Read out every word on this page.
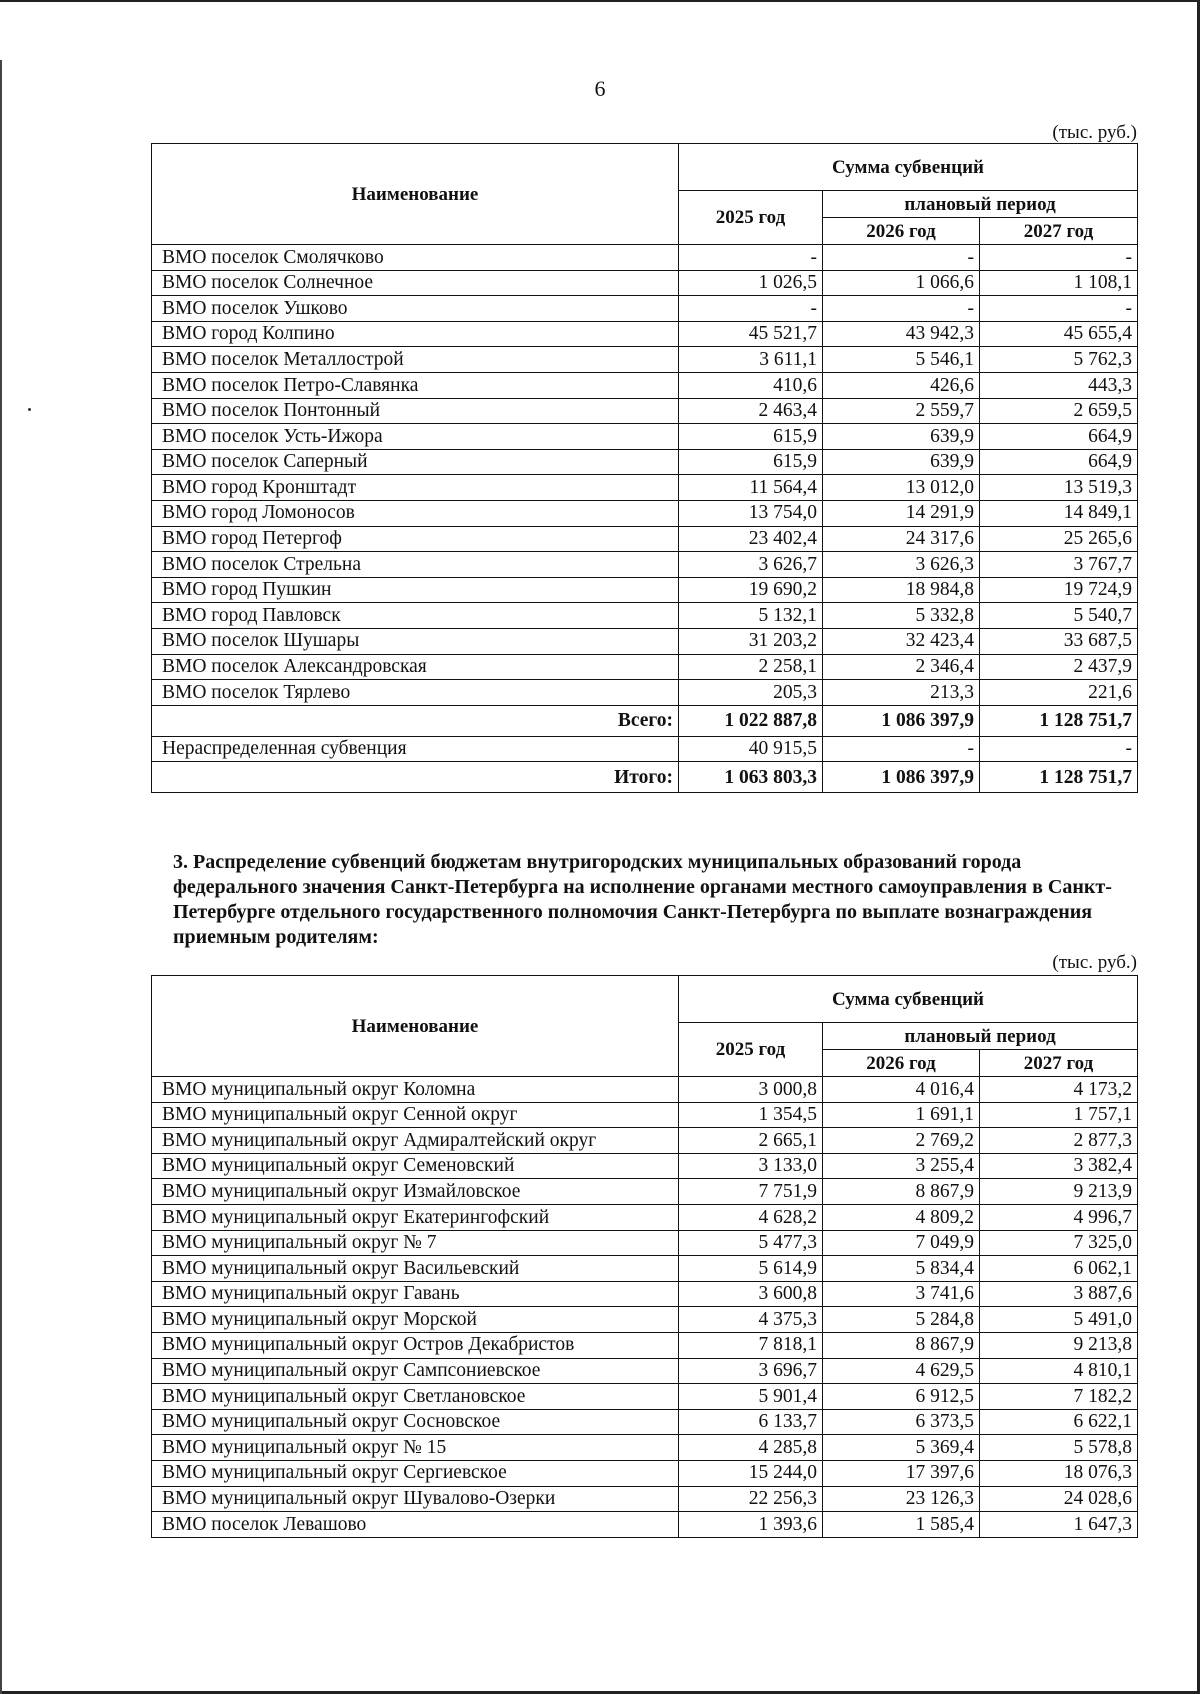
6
(тыс. руб.)
Наименование	Сумма субвенций		
	2025 год	плановый период	
		2026 год	2027 год
ВМО поселок Смолячково	-	-	-
ВМО поселок Солнечное	1 026,5	1 066,6	1 108,1
ВМО поселок Ушково	-	-	-
ВМО город Колпино	45 521,7	43 942,3	45 655,4
ВМО поселок Металлострой	3 611,1	5 546,1	5 762,3
ВМО поселок Петро-Славянка	410,6	426,6	443,3
ВМО поселок Понтонный	2 463,4	2 559,7	2 659,5
ВМО поселок Усть-Ижора	615,9	639,9	664,9
ВМО поселок Саперный	615,9	639,9	664,9
ВМО город Кронштадт	11 564,4	13 012,0	13 519,3
ВМО город Ломоносов	13 754,0	14 291,9	14 849,1
ВМО город Петергоф	23 402,4	24 317,6	25 265,6
ВМО поселок Стрельна	3 626,7	3 626,3	3 767,7
ВМО город Пушкин	19 690,2	18 984,8	19 724,9
ВМО город Павловск	5 132,1	5 332,8	5 540,7
ВМО поселок Шушары	31 203,2	32 423,4	33 687,5
ВМО поселок Александровская	2 258,1	2 346,4	2 437,9
ВМО поселок Тярлево	205,3	213,3	221,6
Всего:	1 022 887,8	1 086 397,9	1 128 751,7
Нераспределенная субвенция	40 915,5	-	-
Итого:	1 063 803,3	1 086 397,9	1 128 751,7
3. Распределение субвенций бюджетам внутригородских муниципальных образований города федерального значения Санкт-Петербурга на исполнение органами местного самоуправления в Санкт-Петербурге отдельного государственного полномочия Санкт-Петербурга по выплате вознаграждения приемным родителям:
(тыс. руб.)
Наименование	Сумма субвенций		
	2025 год	плановый период	
		2026 год	2027 год
ВМО муниципальный округ Коломна	3 000,8	4 016,4	4 173,2
ВМО муниципальный округ Сенной округ	1 354,5	1 691,1	1 757,1
ВМО муниципальный округ Адмиралтейский округ	2 665,1	2 769,2	2 877,3
ВМО муниципальный округ Семеновский	3 133,0	3 255,4	3 382,4
ВМО муниципальный округ Измайловское	7 751,9	8 867,9	9 213,9
ВМО муниципальный округ Екатерингофский	4 628,2	4 809,2	4 996,7
ВМО муниципальный округ № 7	5 477,3	7 049,9	7 325,0
ВМО муниципальный округ Васильевский	5 614,9	5 834,4	6 062,1
ВМО муниципальный округ Гавань	3 600,8	3 741,6	3 887,6
ВМО муниципальный округ Морской	4 375,3	5 284,8	5 491,0
ВМО муниципальный округ Остров Декабристов	7 818,1	8 867,9	9 213,8
ВМО муниципальный округ Сампсониевское	3 696,7	4 629,5	4 810,1
ВМО муниципальный округ Светлановское	5 901,4	6 912,5	7 182,2
ВМО муниципальный округ Сосновское	6 133,7	6 373,5	6 622,1
ВМО муниципальный округ № 15	4 285,8	5 369,4	5 578,8
ВМО муниципальный округ Сергиевское	15 244,0	17 397,6	18 076,3
ВМО муниципальный округ Шувалово-Озерки	22 256,3	23 126,3	24 028,6
ВМО поселок Левашово	1 393,6	1 585,4	1 647,3
